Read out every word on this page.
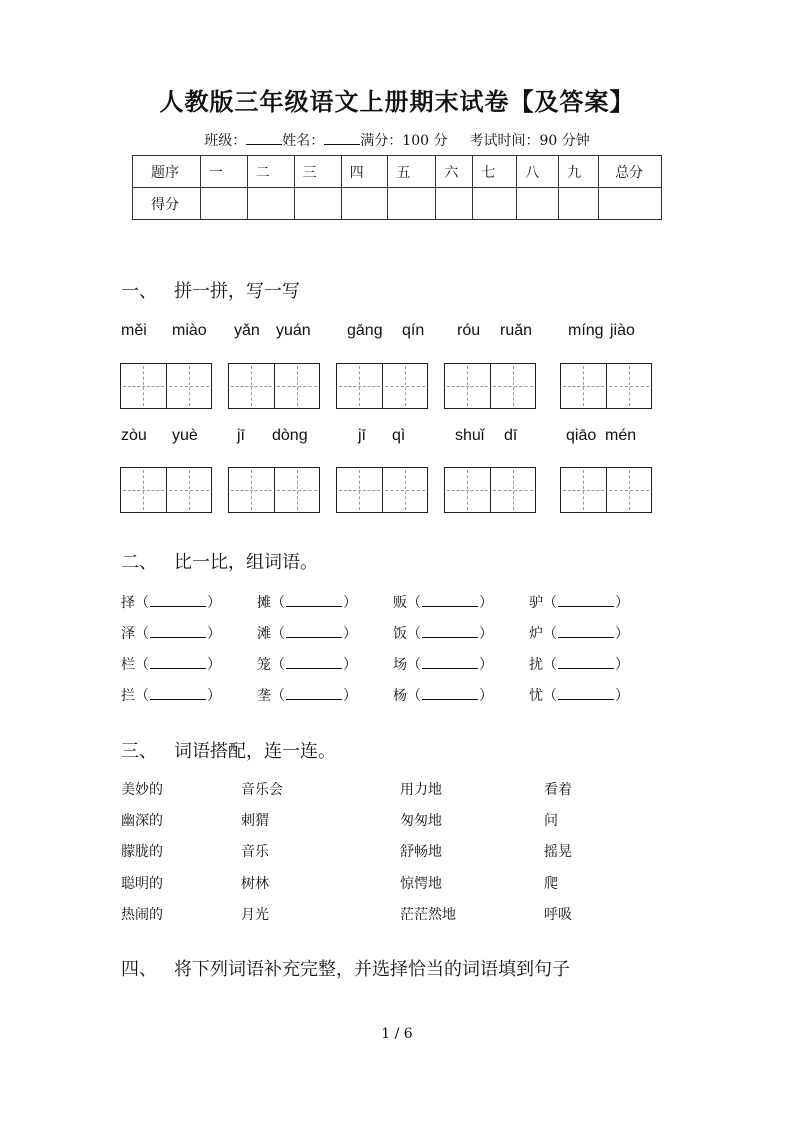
人教版三年级语文上册期末试卷【及答案】
班级：	姓名：	满分：100 分 考试时间：90 分钟
题序	一	二	三	四	五	六	七	八	九	总分
得分										
一、 拼一拼，写一写
měi miào yǎn yuán gāng qín róu ruǎn míng jiào
zòu yuè jī dòng	jī qì	shuǐ dī	qiāo mén
二、 比一比，组词语。
择（	）	摊（	）	贩（	）	驴（	）
泽（	）	滩（	）	饭（	）	炉（	）
栏（	）	笼（	）	场（	）	扰（	）
拦（	）	垄（	）	杨（	）	忧（	）
三、 词语搭配，连一连。
美妙的	音乐会	用力地	看着
幽深的	刺猬	匆匆地	问
朦胧的	音乐	舒畅地	摇晃
聪明的	树林	惊愕地	爬
热闹的	月光	茫茫然地	呼吸
四、 将下列词语补充完整，并选择恰当的词语填到句子
1 / 6
